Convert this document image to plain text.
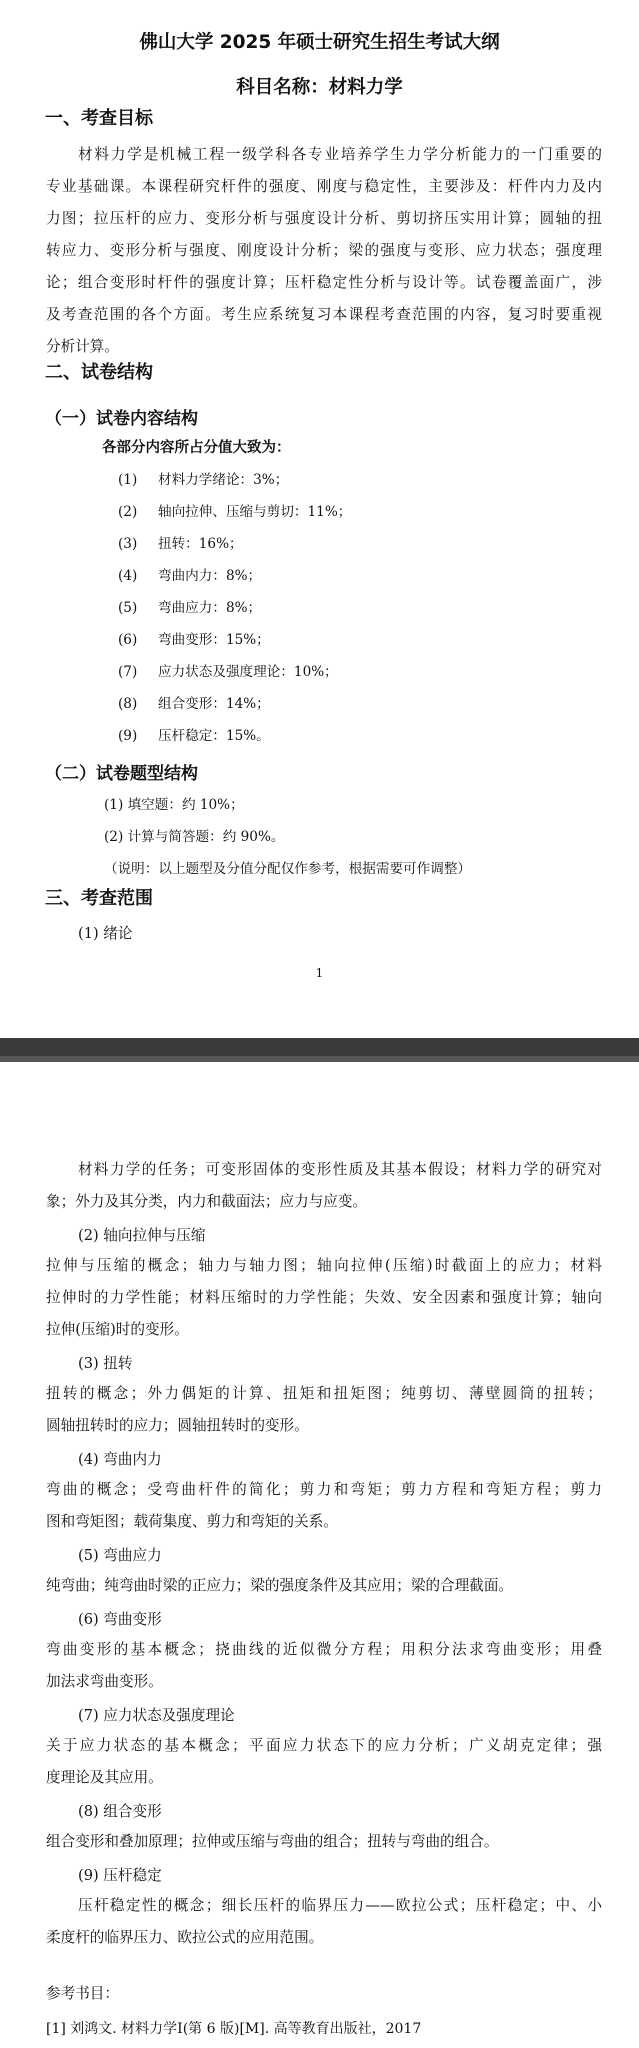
佛山大学 2025 年硕士研究生招生考试大纲
科目名称：材料力学
一、考查目标
材料力学是机械工程一级学科各专业培养学生力学分析能力的一门重要的
专业基础课。本课程研究杆件的强度、刚度与稳定性，主要涉及：杆件内力及内
力图；拉压杆的应力、变形分析与强度设计分析、剪切挤压实用计算；圆轴的扭
转应力、变形分析与强度、刚度设计分析；梁的强度与变形、应力状态；强度理
论；组合变形时杆件的强度计算；压杆稳定性分析与设计等。试卷覆盖面广，涉
及考查范围的各个方面。考生应系统复习本课程考查范围的内容，复习时要重视
分析计算。
二、试卷结构
（一）试卷内容结构
各部分内容所占分值大致为：
(1) 材料力学绪论：3%；
(2) 轴向拉伸、压缩与剪切：11%；
(3) 扭转：16%；
(4) 弯曲内力：8%；
(5) 弯曲应力：8%；
(6) 弯曲变形：15%；
(7) 应力状态及强度理论：10%；
(8) 组合变形：14%；
(9) 压杆稳定：15%。
（二）试卷题型结构
(1) 填空题：约 10%；
(2) 计算与简答题：约 90%。
（说明：以上题型及分值分配仅作参考，根据需要可作调整）
三、考查范围
(1) 绪论
1
材料力学的任务；可变形固体的变形性质及其基本假设；材料力学的研究对
象；外力及其分类，内力和截面法；应力与应变。
(2) 轴向拉伸与压缩
拉伸与压缩的概念；轴力与轴力图；轴向拉伸(压缩)时截面上的应力；材料
拉伸时的力学性能；材料压缩时的力学性能；失效、安全因素和强度计算；轴向
拉伸(压缩)时的变形。
(3) 扭转
扭转的概念；外力偶矩的计算、扭矩和扭矩图；纯剪切、薄壁圆筒的扭转；
圆轴扭转时的应力；圆轴扭转时的变形。
(4) 弯曲内力
弯曲的概念；受弯曲杆件的简化；剪力和弯矩；剪力方程和弯矩方程；剪力
图和弯矩图；载荷集度、剪力和弯矩的关系。
(5) 弯曲应力
纯弯曲；纯弯曲时梁的正应力；梁的强度条件及其应用；梁的合理截面。
(6) 弯曲变形
弯曲变形的基本概念；挠曲线的近似微分方程；用积分法求弯曲变形；用叠
加法求弯曲变形。
(7) 应力状态及强度理论
关于应力状态的基本概念；平面应力状态下的应力分析；广义胡克定律；强
度理论及其应用。
(8) 组合变形
组合变形和叠加原理；拉伸或压缩与弯曲的组合；扭转与弯曲的组合。
(9) 压杆稳定
压杆稳定性的概念；细长压杆的临界压力——欧拉公式；压杆稳定；中、小
柔度杆的临界压力、欧拉公式的应用范围。
参考书目：
[1] 刘鸿文. 材料力学Ⅰ(第 6 版)[M]. 高等教育出版社，2017
